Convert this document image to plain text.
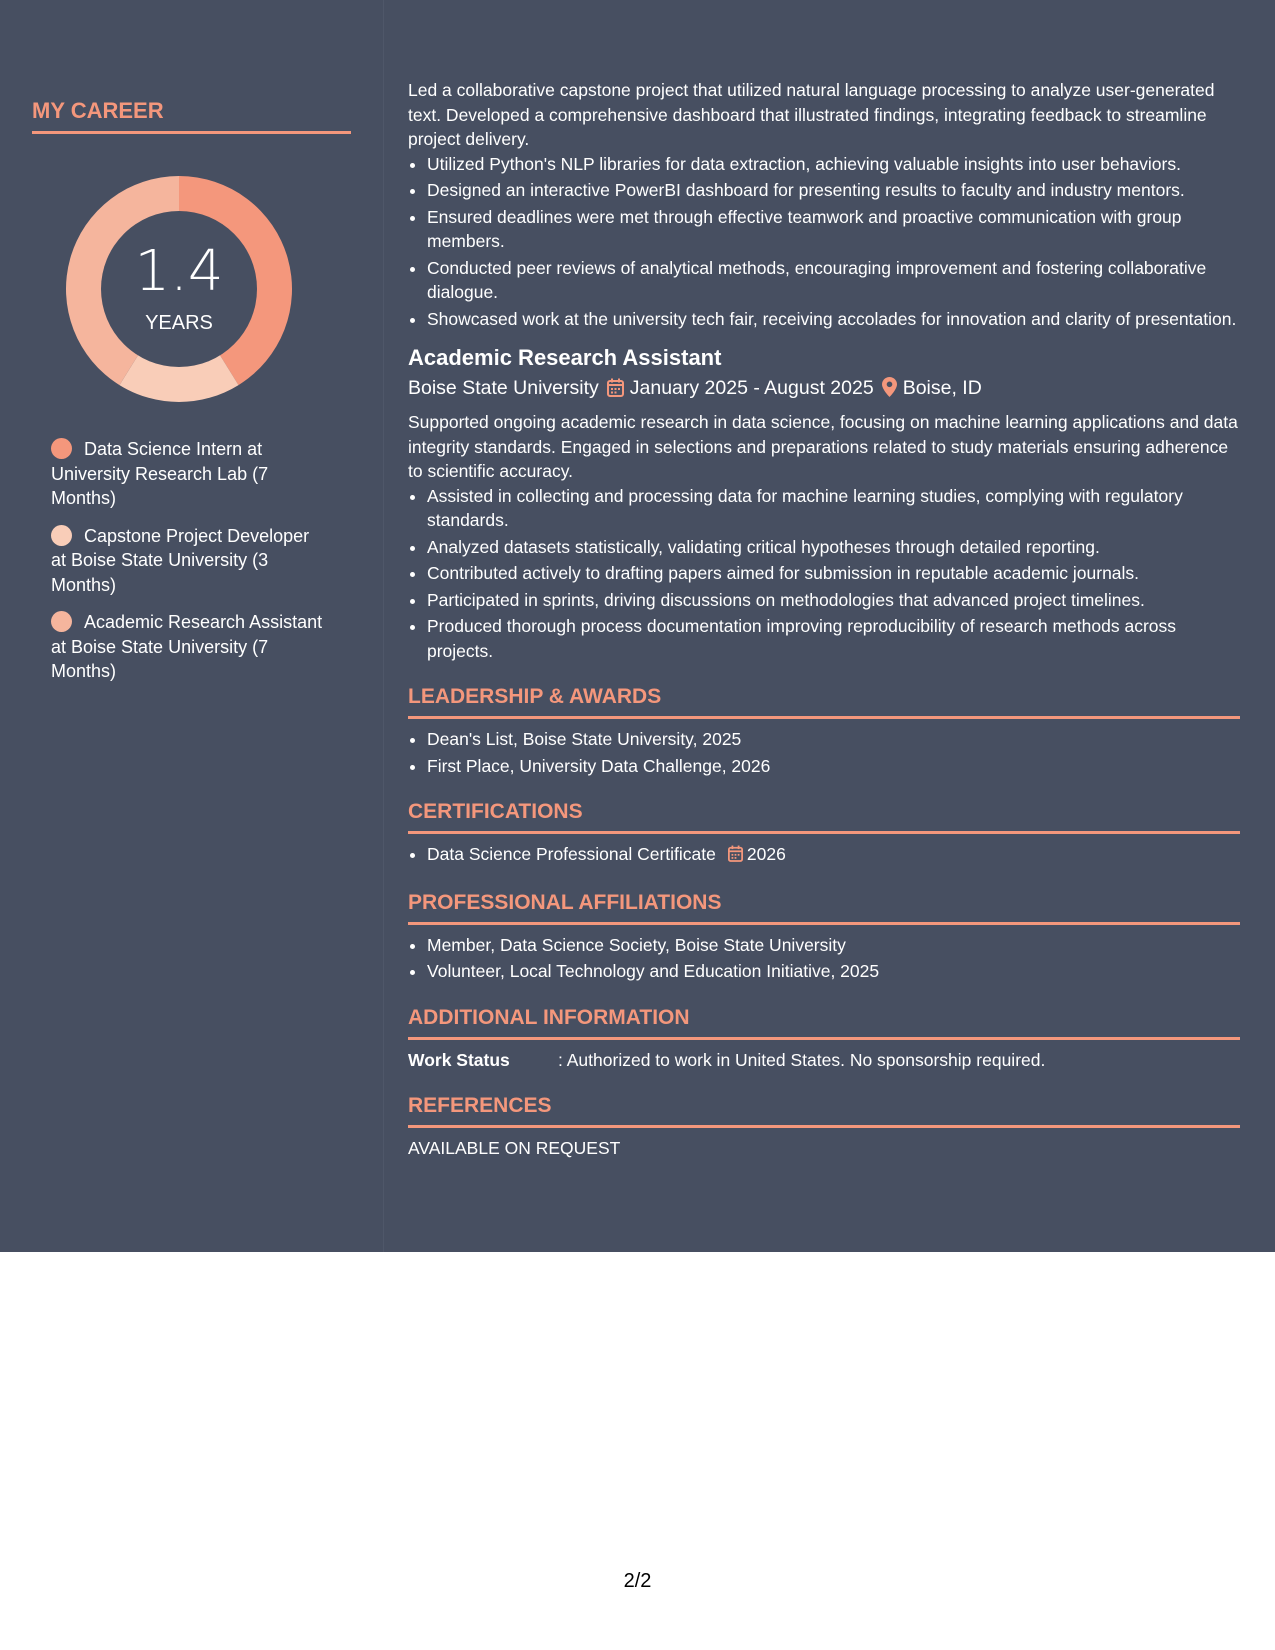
MY CAREER
1.4
YEARS
Data Science Intern at University Research Lab (7 Months)
Capstone Project Developer at Boise State University (3 Months)
Academic Research Assistant at Boise State University (7 Months)

Led a collaborative capstone project that utilized natural language processing to analyze user-generated text. Developed a comprehensive dashboard that illustrated findings, integrating feedback to streamline project delivery.

• Utilized Python's NLP libraries for data extraction, achieving valuable insights into user behaviors.
• Designed an interactive PowerBI dashboard for presenting results to faculty and industry mentors.
• Ensured deadlines were met through effective teamwork and proactive communication with group members.
• Conducted peer reviews of analytical methods, encouraging improvement and fostering collaborative dialogue.
• Showcased work at the university tech fair, receiving accolades for innovation and clarity of presentation.
Academic Research Assistant
Boise State University January 2025 - August 2025 Boise, ID

Supported ongoing academic research in data science, focusing on machine learning applications and data integrity standards. Engaged in selections and preparations related to study materials ensuring adherence to scientific accuracy.

• Assisted in collecting and processing data for machine learning studies, complying with regulatory standards.
• Analyzed datasets statistically, validating critical hypotheses through detailed reporting.
• Contributed actively to drafting papers aimed for submission in reputable academic journals.
• Participated in sprints, driving discussions on methodologies that advanced project timelines.
• Produced thorough process documentation improving reproducibility of research methods across projects.
LEADERSHIP & AWARDS
• Dean's List, Boise State University, 2025
• First Place, University Data Challenge, 2026
CERTIFICATIONS
• Data Science Professional Certificate 2026
PROFESSIONAL AFFILIATIONS
• Member, Data Science Society, Boise State University
• Volunteer, Local Technology and Education Initiative, 2025
ADDITIONAL INFORMATION
Work Status	: Authorized to work in United States. No sponsorship required.
REFERENCES
AVAILABLE ON REQUEST
2/2
